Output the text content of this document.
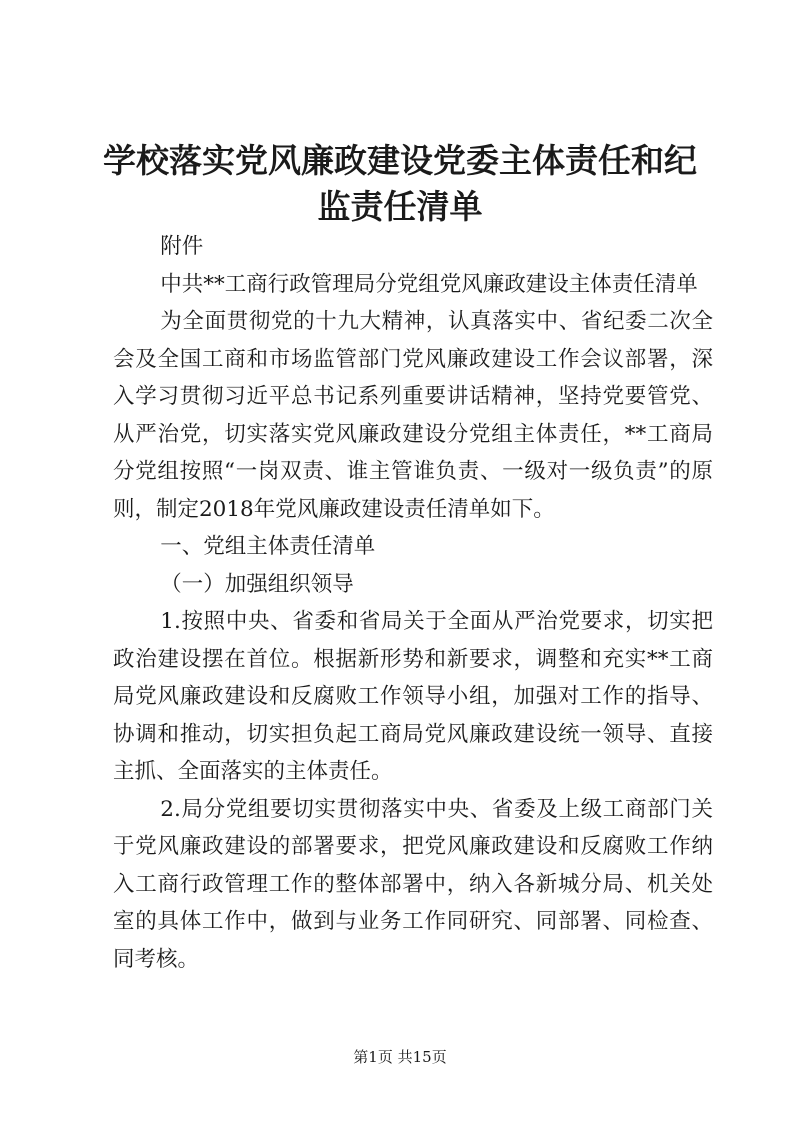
学校落实党风廉政建设党委主体责任和纪监责任清单

附件

中共**工商行政管理局分党组党风廉政建设主体责任清单

为全面贯彻党的十九大精神，认真落实中、省纪委二次全会及全国工商和市场监管部门党风廉政建设工作会议部署，深入学习贯彻习近平总书记系列重要讲话精神，坚持党要管党、从严治党，切实落实党风廉政建设分党组主体责任，**工商局分党组按照“一岗双责、谁主管谁负责、一级对一级负责”的原则，制定2018年党风廉政建设责任清单如下。

一、党组主体责任清单

（一）加强组织领导

1.按照中央、省委和省局关于全面从严治党要求，切实把政治建设摆在首位。根据新形势和新要求，调整和充实**工商局党风廉政建设和反腐败工作领导小组，加强对工作的指导、协调和推动，切实担负起工商局党风廉政建设统一领导、直接主抓、全面落实的主体责任。

2.局分党组要切实贯彻落实中央、省委及上级工商部门关于党风廉政建设的部署要求，把党风廉政建设和反腐败工作纳入工商行政管理工作的整体部署中，纳入各新城分局、机关处室的具体工作中，做到与业务工作同研究、同部署、同检查、同考核。

第1页 共15页
